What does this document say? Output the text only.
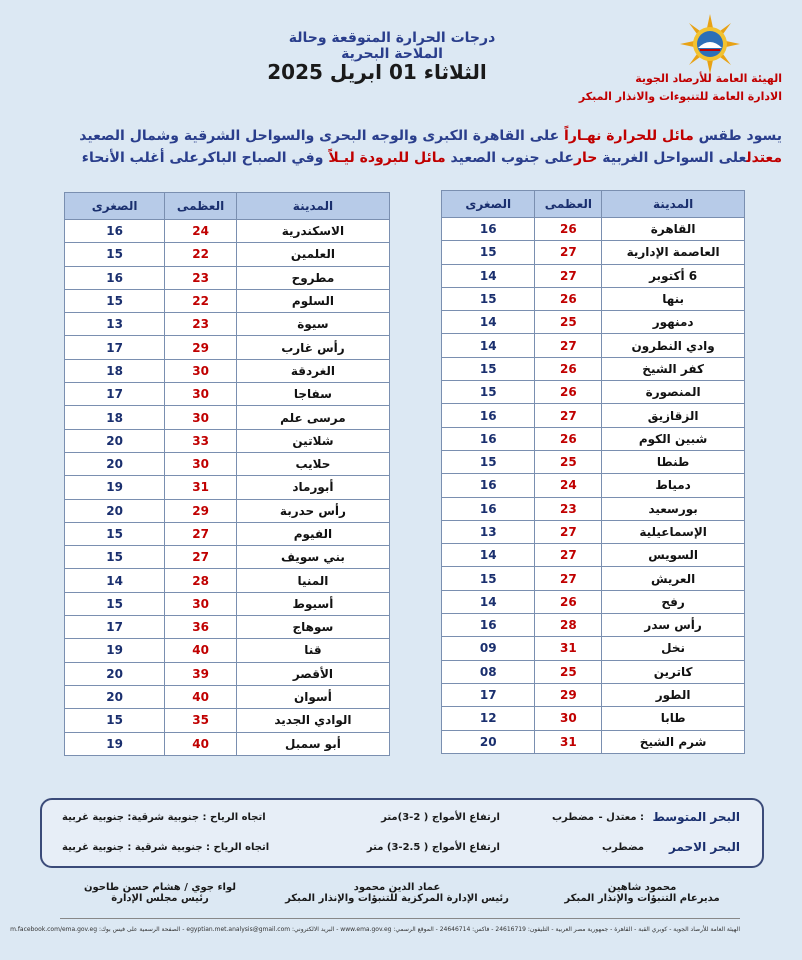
درجات الحرارة المتوقعة وحالة الملاحة البحرية
الثلاثاء 01 ابريل 2025	الهيئة العامة للأرصاد الجوية
الادارة العامة للتنبوءات والانذار المبكر
يسود طقس مائل للحرارة نهـاراً على القاهرة الكبرى والوجه البحرى والسواحل الشرقية وشمال الصعيد
معتدلعلى السواحل الغربية حارعلى جنوب الصعيد مائل للبرودة ليـلاً وفي الصباح الباكرعلى أغلب الأنحاء
المدينة	العظمى	الصغرى
القاهرة	26	16
العاصمة الإدارية	27	15
6 أكتوبر	27	14
بنها	26	15
دمنهور	25	14
وادي النطرون	27	14
كفر الشيخ	26	15
المنصورة	26	15
الزقازيق	27	16
شبين الكوم	26	16
طنطا	25	15
دمياط	24	16
بورسعيد	23	16
الإسماعيلية	27	13
السويس	27	14
العريش	27	15
رفح	26	14
رأس سدر	28	16
نخل	31	09
كاترين	25	08
الطور	29	17
طابا	30	12
شرم الشيخ	31	20
المدينة	العظمى	الصغرى
الاسكندرية	24	16
العلمين	22	15
مطروح	23	16
السلوم	22	15
سيوة	23	13
رأس غارب	29	17
الغردقة	30	18
سفاجا	30	17
مرسى علم	30	18
شلاتين	33	20
حلايب	30	20
أبورماد	31	19
رأس حدربة	29	20
الفيوم	27	15
بني سويف	27	15
المنيا	28	14
أسيوط	30	15
سوهاج	36	17
قنا	40	19
الأقصر	39	20
أسوان	40	20
الوادي الجديد	35	15
أبو سمبل	40	19
البحر المتوسط
: معتدل -
مضطرب
ارتفاع الأمواج ( 2-3)متر
اتجاه الرياح : جنوبية شرقية: جنوبية غربية
البحر الاحمر
مضطرب
ارتفاع الأمواج ( 2.5-3) متر
اتجاه الرياح : جنوبية شرقية : جنوبية غربية
محمود شاهين
مديرعام التنبؤات والإنذار المبكر
عماد الدين محمود
رئيس الإدارة المركزية للتنبؤات والإنذار المبكر
لواء جوي / هشام حسن طاحون
رئيس مجلس الإدارة
الهيئة العامة للأرصاد الجوية - كوبري القبة - القاهرة - جمهورية مصر العربية - التليفون: 24616719 - فاكس: 24646714 - الموقع الرسمي: www.ema.gov.eg - البريد الالكتروني: egyptian.met.analysis@gmail.com - الصفحة الرسمية على فيس بوك: m.facebook.com/ema.gov.eg
